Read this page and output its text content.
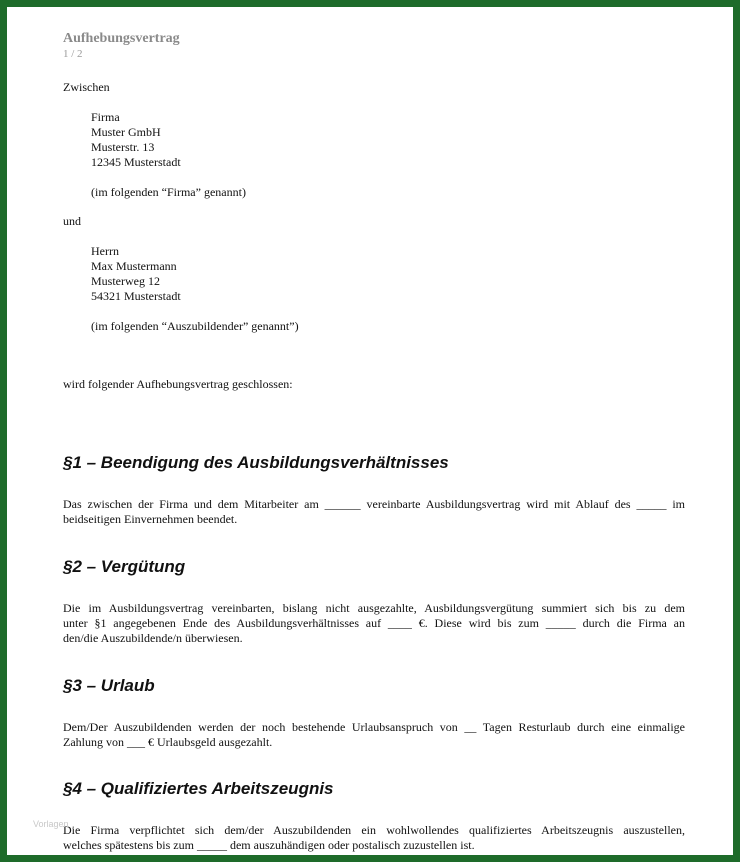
Aufhebungsvertrag
1 / 2
Zwischen
Firma
Muster GmbH
Musterstr. 13
12345 Musterstadt
(im folgenden “Firma” genannt)
und
Herrn
Max Mustermann
Musterweg 12
54321 Musterstadt
(im folgenden “Auszubildender” genannt”)
wird folgender Aufhebungsvertrag geschlossen:
§1 – Beendigung des Ausbildungsverhältnisses
Das zwischen der Firma und dem Mitarbeiter am ______ vereinbarte Ausbildungsvertrag wird mit Ablauf des _____ im
beidseitigen Einvernehmen beendet.
§2 – Vergütung
Die im Ausbildungsvertrag vereinbarten, bislang nicht ausgezahlte, Ausbildungsvergütung summiert sich bis zu dem
unter §1 angegebenen Ende des Ausbildungsverhältnisses auf ____ €. Diese wird bis zum _____ durch die Firma an
den/die Auszubildende/n überwiesen.
§3 – Urlaub
Dem/Der Auszubildenden werden der noch bestehende Urlaubsanspruch von __ Tagen Resturlaub durch eine einmalige
Zahlung von ___ € Urlaubsgeld ausgezahlt.
§4 – Qualifiziertes Arbeitszeugnis
Die Firma verpflichtet sich dem/der Auszubildenden ein wohlwollendes qualifiziertes Arbeitszeugnis auszustellen,
welches spätestens bis zum _____ dem auszuhändigen oder postalisch zuzustellen ist.
Vorlagen
